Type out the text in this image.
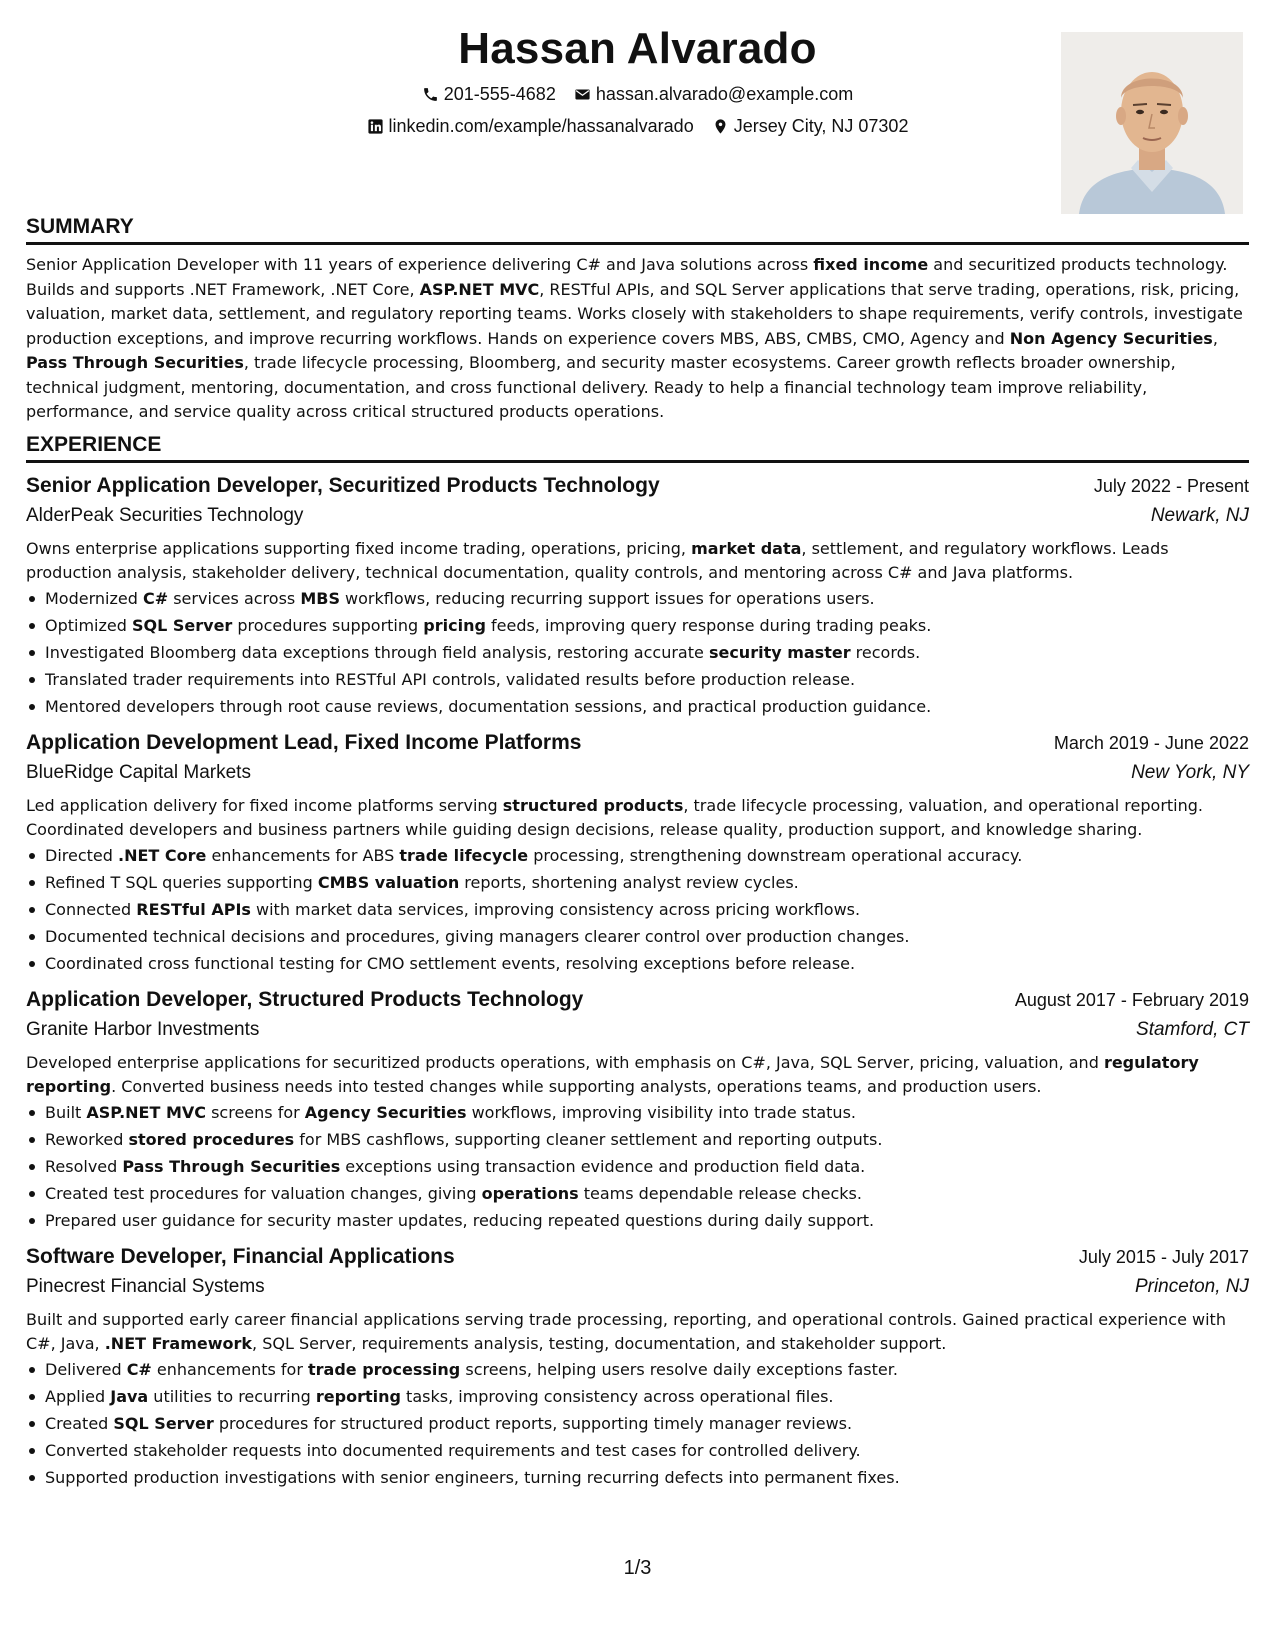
Hassan Alvarado
201-555-4682 hassan.alvarado@example.com
linkedin.com/example/hassanalvarado Jersey City, NJ 07302
SUMMARY

Senior Application Developer with 11 years of experience delivering C# and Java solutions across fixed income and securitized products technology. Builds and supports .NET Framework, .NET Core, ASP.NET MVC, RESTful APIs, and SQL Server applications that serve trading, operations, risk, pricing, valuation, market data, settlement, and regulatory reporting teams. Works closely with stakeholders to shape requirements, verify controls, investigate production exceptions, and improve recurring workflows. Hands on experience covers MBS, ABS, CMBS, CMO, Agency and Non Agency Securities, Pass Through Securities, trade lifecycle processing, Bloomberg, and security master ecosystems. Career growth reflects broader ownership, technical judgment, mentoring, documentation, and cross functional delivery. Ready to help a financial technology team improve reliability, performance, and service quality across critical structured products operations.

EXPERIENCE
Senior Application Developer, Securitized Products Technology	July 2022 - Present
AlderPeak Securities Technology	Newark, NJ

Owns enterprise applications supporting fixed income trading, operations, pricing, market data, settlement, and regulatory workflows. Leads production analysis, stakeholder delivery, technical documentation, quality controls, and mentoring across C# and Java platforms.

Modernized C# services across MBS workflows, reducing recurring support issues for operations users.
Optimized SQL Server procedures supporting pricing feeds, improving query response during trading peaks.
Investigated Bloomberg data exceptions through field analysis, restoring accurate security master records.
Translated trader requirements into RESTful API controls, validated results before production release.
Mentored developers through root cause reviews, documentation sessions, and practical production guidance.
Application Development Lead, Fixed Income Platforms	March 2019 - June 2022
BlueRidge Capital Markets	New York, NY

Led application delivery for fixed income platforms serving structured products, trade lifecycle processing, valuation, and operational reporting. Coordinated developers and business partners while guiding design decisions, release quality, production support, and knowledge sharing.

Directed .NET Core enhancements for ABS trade lifecycle processing, strengthening downstream operational accuracy.
Refined T SQL queries supporting CMBS valuation reports, shortening analyst review cycles.
Connected RESTful APIs with market data services, improving consistency across pricing workflows.
Documented technical decisions and procedures, giving managers clearer control over production changes.
Coordinated cross functional testing for CMO settlement events, resolving exceptions before release.
Application Developer, Structured Products Technology	August 2017 - February 2019
Granite Harbor Investments	Stamford, CT

Developed enterprise applications for securitized products operations, with emphasis on C#, Java, SQL Server, pricing, valuation, and regulatory reporting. Converted business needs into tested changes while supporting analysts, operations teams, and production users.

Built ASP.NET MVC screens for Agency Securities workflows, improving visibility into trade status.
Reworked stored procedures for MBS cashflows, supporting cleaner settlement and reporting outputs.
Resolved Pass Through Securities exceptions using transaction evidence and production field data.
Created test procedures for valuation changes, giving operations teams dependable release checks.
Prepared user guidance for security master updates, reducing repeated questions during daily support.
Software Developer, Financial Applications	July 2015 - July 2017
Pinecrest Financial Systems	Princeton, NJ

Built and supported early career financial applications serving trade processing, reporting, and operational controls. Gained practical experience with C#, Java, .NET Framework, SQL Server, requirements analysis, testing, documentation, and stakeholder support.

Delivered C# enhancements for trade processing screens, helping users resolve daily exceptions faster.
Applied Java utilities to recurring reporting tasks, improving consistency across operational files.
Created SQL Server procedures for structured product reports, supporting timely manager reviews.
Converted stakeholder requests into documented requirements and test cases for controlled delivery.
Supported production investigations with senior engineers, turning recurring defects into permanent fixes.
1/3
